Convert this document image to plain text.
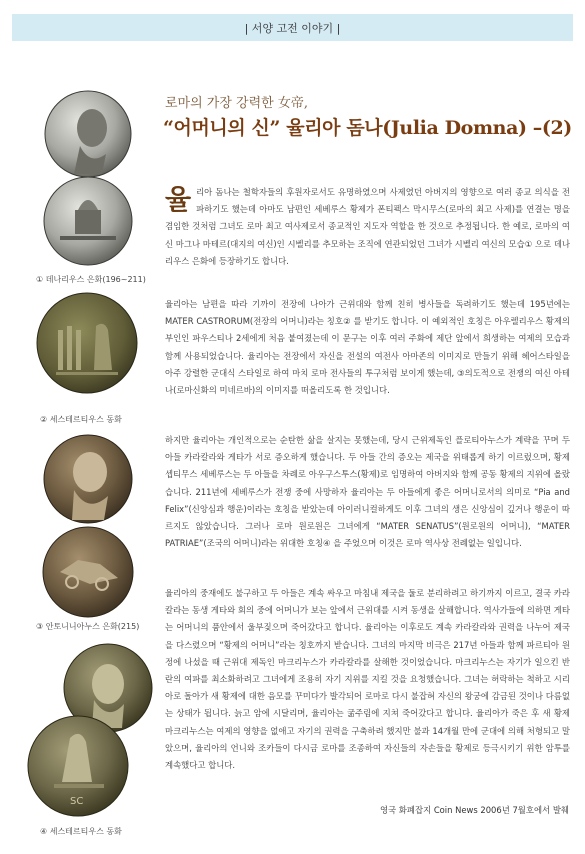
| 서양 고전 이야기 |
① 데나리우스 은화(196~211)
② 세스테르티우스 동화
③ 안토니니아누스 은화(215)
SC
④ 세스테르티우스 동화
로마의 가장 강력한 女帝,
“어머니의 신” 율리아 돔나(Julia Domna) –(2)
율 리아 돔나는 철학자들의 후원자로서도 유명하였으며 사제였던 아버지의 영향으로 여러 종교 의식을 전파하기도 했는데 아마도 남편인 세베루스 황제가 폰티펙스 막시무스(로마의 최고 사제)를 연결는 명을 겸임한 것처럼 그녀도 로마 최고 여사제로서 종교적인 지도자 역할을 한 것으로 추정됩니다. 한 예로, 로마의 여신 마그나 마테르(대지의 여신)인 시벨리를 추모하는 조직에 연관되었던 그녀가 시벨리 여신의 모습① 으로 데나리우스 은화에 등장하기도 합니다.

율리아는 남편을 따라 기까이 전장에 나아가 근위대와 함께 친히 병사들을 독려하기도 했는데 195년에는 MATER CASTRORUM(전장의 어머니)라는 칭호② 를 받기도 합니다. 이 예외적인 호칭은 아우렐리우스 황제의 부인인 파우스티나 2세에게 처음 붙여졌는데 이 문구는 이후 여러 주화에 제단 앞에서 희생하는 여제의 모습과 함께 사용되었습니다. 율리아는 전장에서 자신을 전설의 여전사 아마존의 이미지로 만들기 위해 헤어스타일을 아주 강렬한 군대식 스타일로 하여 마치 로마 전사들의 투구처럼 보이게 했는데, ③의도적으로 전쟁의 여신 아테나(로마신화의 미네르바)의 이미지를 떠올리도록 한 것입니다.

하지만 율리아는 개인적으로는 순탄한 삶을 살지는 못했는데, 당시 근위제독인 플로티아누스가 계략을 꾸며 두 아들 카라칼라와 게타가 서로 증오하게 했습니다. 두 아들 간의 증오는 제국을 위태롭게 하기 이르렀으며, 황제 셉티무스 세베루스는 두 아들을 차례로 아우구스투스(황제)로 임명하여 아버지와 함께 공동 황제의 지위에 올랐습니다. 211년에 세베루스가 전쟁 중에 사망하자 율리아는 두 아들에게 좋은 어머니로서의 의미로 “Pia and Felix”(신앙심과 행운)이라는 호칭을 받았는데 아이러니컬하게도 이후 그녀의 생은 신앙심이 깊거나 행운이 따르지도 않았습니다. 그러나 로마 원로원은 그녀에게 “MATER SENATUS”(원로원의 어머니), “MATER PATRIAE”(조국의 어머니)라는 위대한 호칭④ 을 주었으며 이것은 로마 역사상 전례없는 일입니다.

율리아의 중재에도 불구하고 두 아들은 계속 싸우고 마침내 제국을 둘로 분리하려고 하기까지 이르고, 결국 카라칼라는 동생 게타와 회의 중에 어머니가 보는 앞에서 근위대를 시켜 동생을 살해합니다. 역사가들에 의하면 게타는 어머니의 품안에서 울부짖으며 죽어갔다고 합니다. 율리아는 이후로도 계속 카라칼라와 권력을 나누어 제국을 다스렸으며 “황제의 어머니”라는 칭호까지 받습니다. 그녀의 마지막 비극은 217년 아들과 함께 파르티아 원정에 나섰을 때 근위대 제독인 마크리누스가 카라칼라를 살해한 것이었습니다. 마크리누스는 자기가 일으킨 반란의 여파를 최소화하려고 그녀에게 조용히 자기 지위를 지킬 것을 요청했습니다. 그녀는 허락하는 척하고 시리아로 돌아가 새 황제에 대한 음모를 꾸미다가 발각되어 로마로 다시 불잡혀 자신의 왕궁에 감금된 것이나 다름없는 상태가 됩니다. 늙고 암에 시달리며, 율리아는 굶주림에 지쳐 죽어갔다고 합니다. 율리아가 죽은 후 새 황제 마크리누스는 여제의 영향을 없애고 자기의 권력을 구축하려 했지만 불과 14개월 만에 군대에 의해 처형되고 말았으며, 율리아의 언니와 조카들이 다시금 로마를 조종하여 자신들의 자손들을 황제로 등극시키기 위한 암투를 계속했다고 합니다.

영국 화폐잡지 Coin News 2006년 7월호에서 발췌
